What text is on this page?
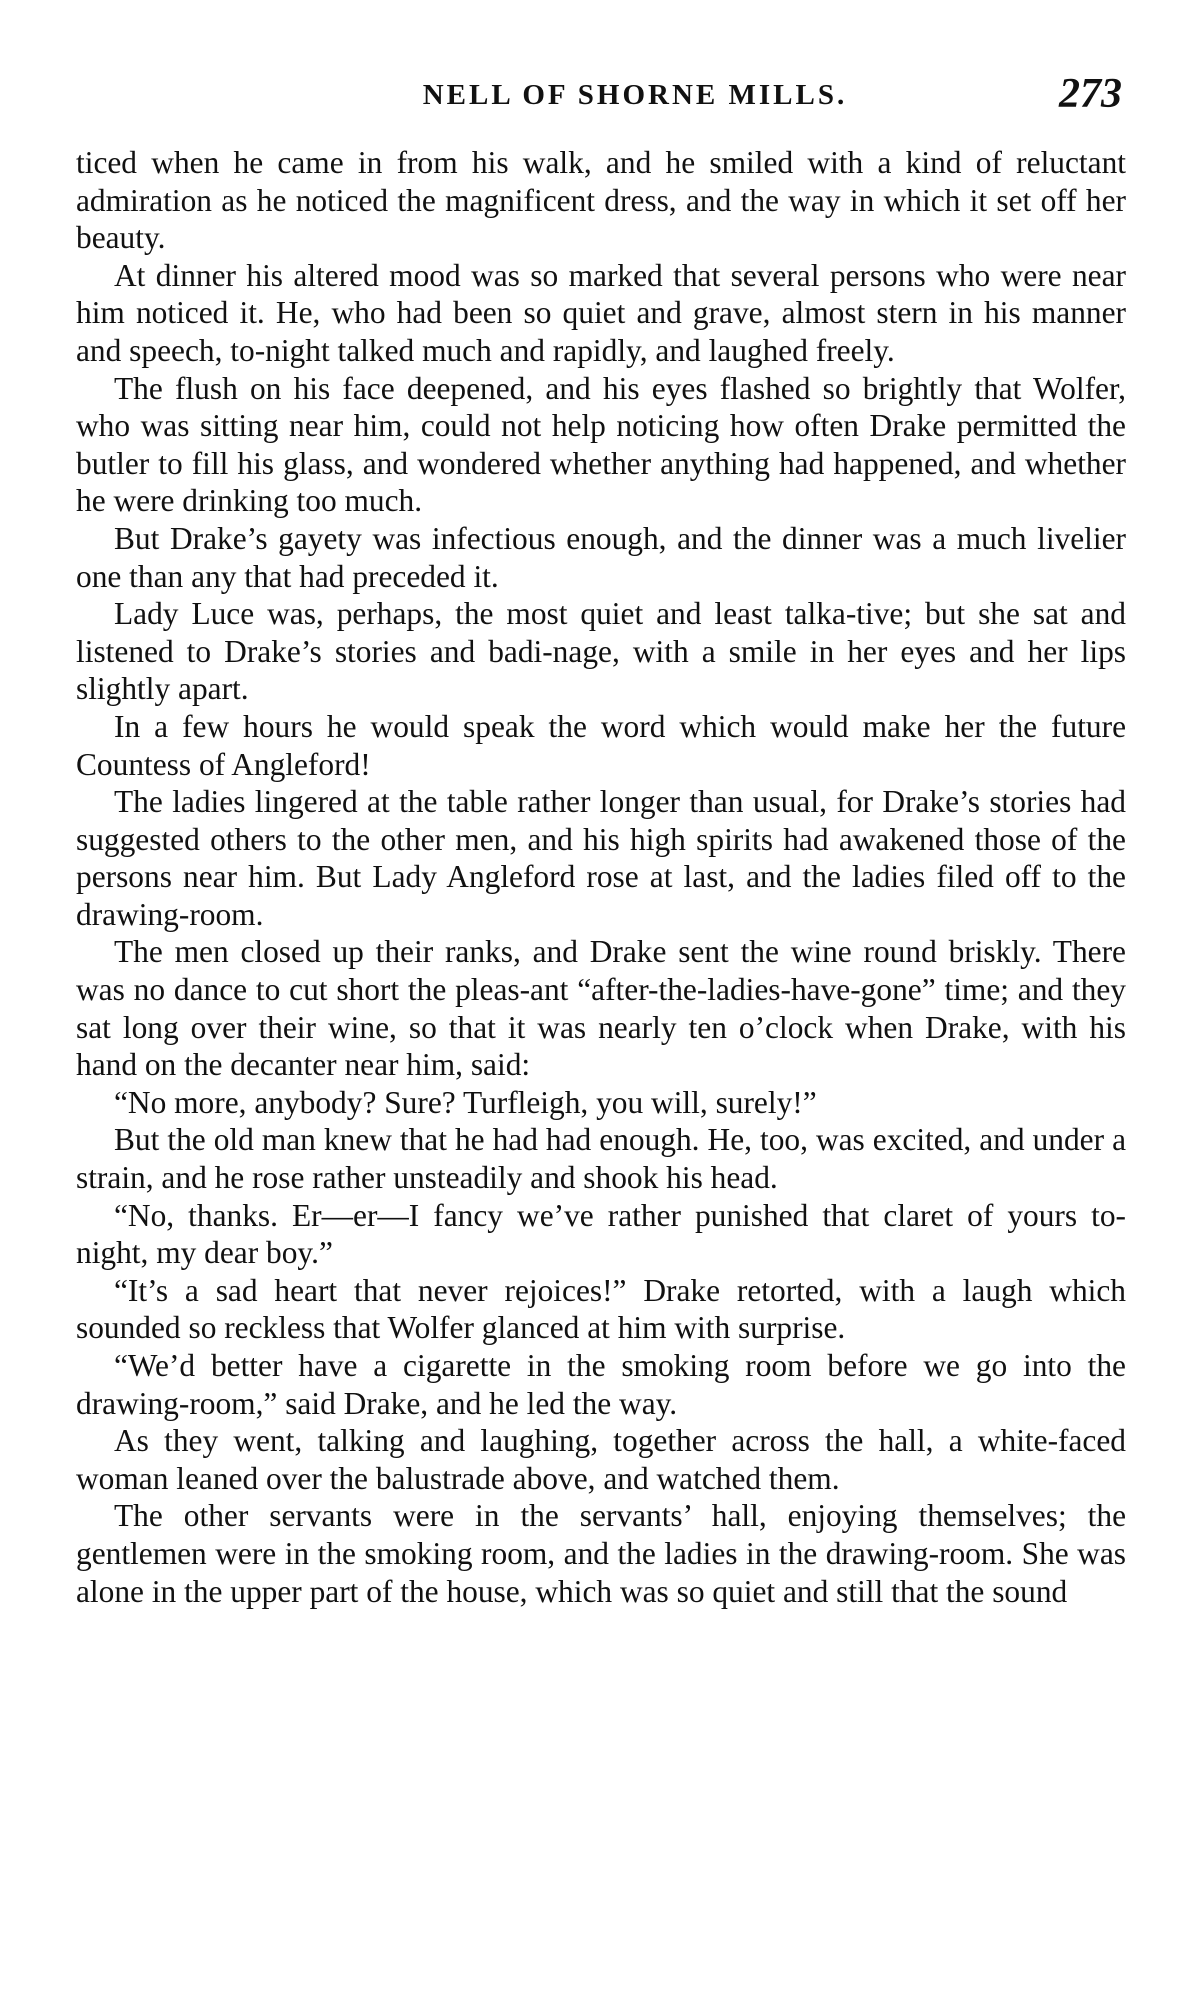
NELL OF SHORNE MILLS.	273

ticed when he came in from his walk, and he smiled with a kind of reluctant admiration as he noticed the magnificent dress, and the way in which it set off her beauty.

At dinner his altered mood was so marked that several persons who were near him noticed it. He, who had been so quiet and grave, almost stern in his manner and speech, to-night talked much and rapidly, and laughed freely.

The flush on his face deepened, and his eyes flashed so brightly that Wolfer, who was sitting near him, could not help noticing how often Drake permitted the butler to fill his glass, and wondered whether anything had happened, and whether he were drinking too much.

But Drake’s gayety was infectious enough, and the dinner was a much livelier one than any that had preceded it.

Lady Luce was, perhaps, the most quiet and least talka-tive; but she sat and listened to Drake’s stories and badi-nage, with a smile in her eyes and her lips slightly apart.

In a few hours he would speak the word which would make her the future Countess of Angleford!

The ladies lingered at the table rather longer than usual, for Drake’s stories had suggested others to the other men, and his high spirits had awakened those of the persons near him. But Lady Angleford rose at last, and the ladies filed off to the drawing-room.

The men closed up their ranks, and Drake sent the wine round briskly. There was no dance to cut short the pleas-ant “after-the-ladies-have-gone” time; and they sat long over their wine, so that it was nearly ten o’clock when Drake, with his hand on the decanter near him, said:

“No more, anybody? Sure? Turfleigh, you will, surely!”

But the old man knew that he had had enough. He, too, was excited, and under a strain, and he rose rather unsteadily and shook his head.

“No, thanks. Er—er—I fancy we’ve rather punished that claret of yours to-night, my dear boy.”

“It’s a sad heart that never rejoices!” Drake retorted, with a laugh which sounded so reckless that Wolfer glanced at him with surprise.

“We’d better have a cigarette in the smoking room before we go into the drawing-room,” said Drake, and he led the way.

As they went, talking and laughing, together across the hall, a white-faced woman leaned over the balustrade above, and watched them.

The other servants were in the servants’ hall, enjoying themselves; the gentlemen were in the smoking room, and the ladies in the drawing-room. She was alone in the upper part of the house, which was so quiet and still that the sound
